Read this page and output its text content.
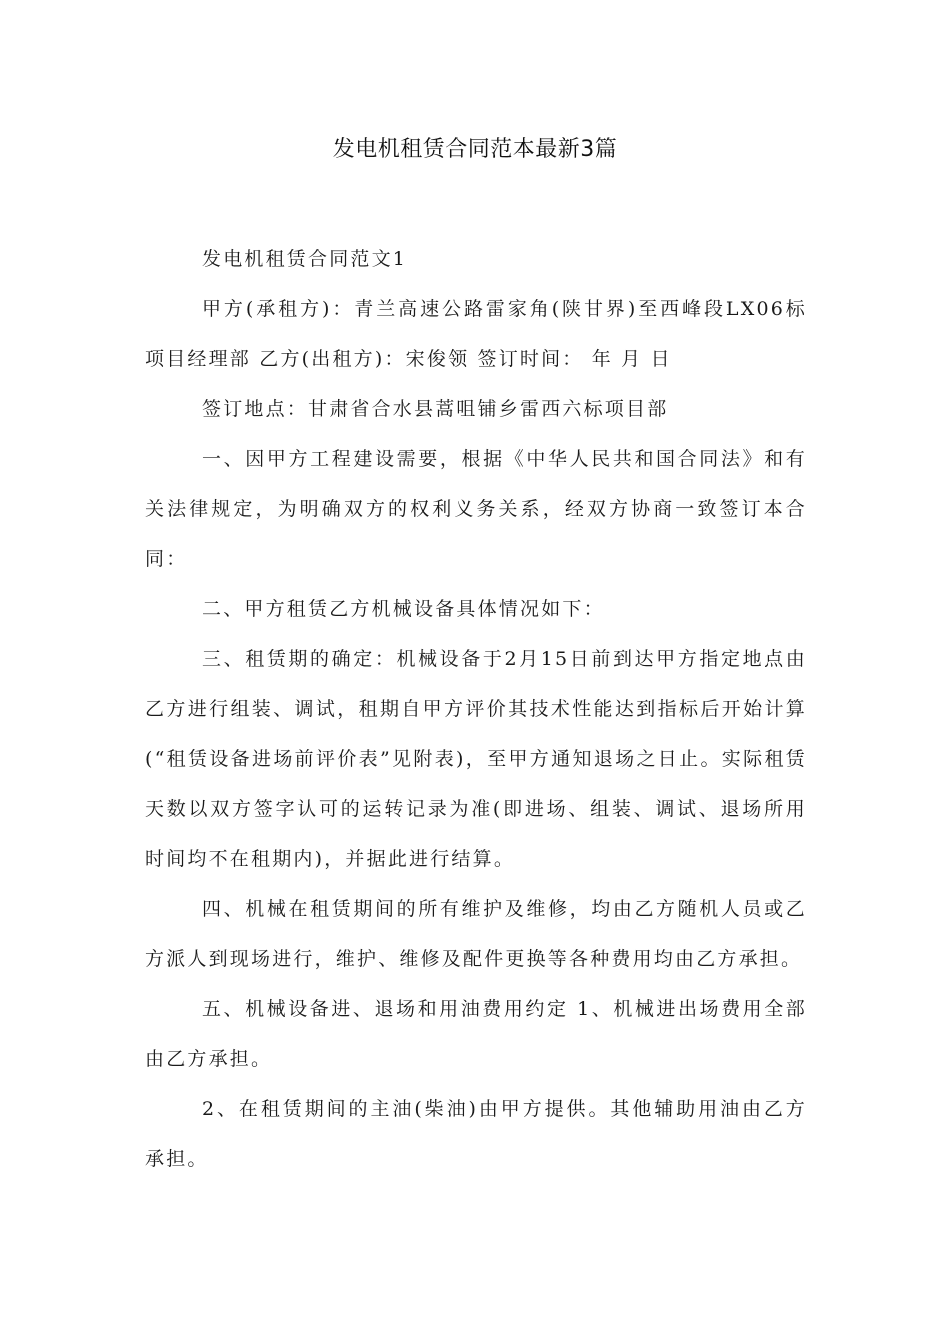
发电机租赁合同范本最新3篇

发电机租赁合同范文1

甲方(承租方)：青兰高速公路雷家角(陕甘界)至西峰段LX06标项目经理部 乙方(出租方)：宋俊领 签订时间： 年 月 日

签订地点：甘肃省合水县蒿咀铺乡雷西六标项目部

一、因甲方工程建设需要，根据《中华人民共和国合同法》和有关法律规定，为明确双方的权利义务关系，经双方协商一致签订本合同：

二、甲方租赁乙方机械设备具体情况如下：

三、租赁期的确定：机械设备于2月15日前到达甲方指定地点由乙方进行组装、调试，租期自甲方评价其技术性能达到指标后开始计算(“租赁设备进场前评价表”见附表)，至甲方通知退场之日止。实际租赁天数以双方签字认可的运转记录为准(即进场、组装、调试、退场所用时间均不在租期内)，并据此进行结算。

四、机械在租赁期间的所有维护及维修，均由乙方随机人员或乙方派人到现场进行，维护、维修及配件更换等各种费用均由乙方承担。

五、机械设备进、退场和用油费用约定 1、机械进出场费用全部由乙方承担。

2、在租赁期间的主油(柴油)由甲方提供。其他辅助用油由乙方承担。
